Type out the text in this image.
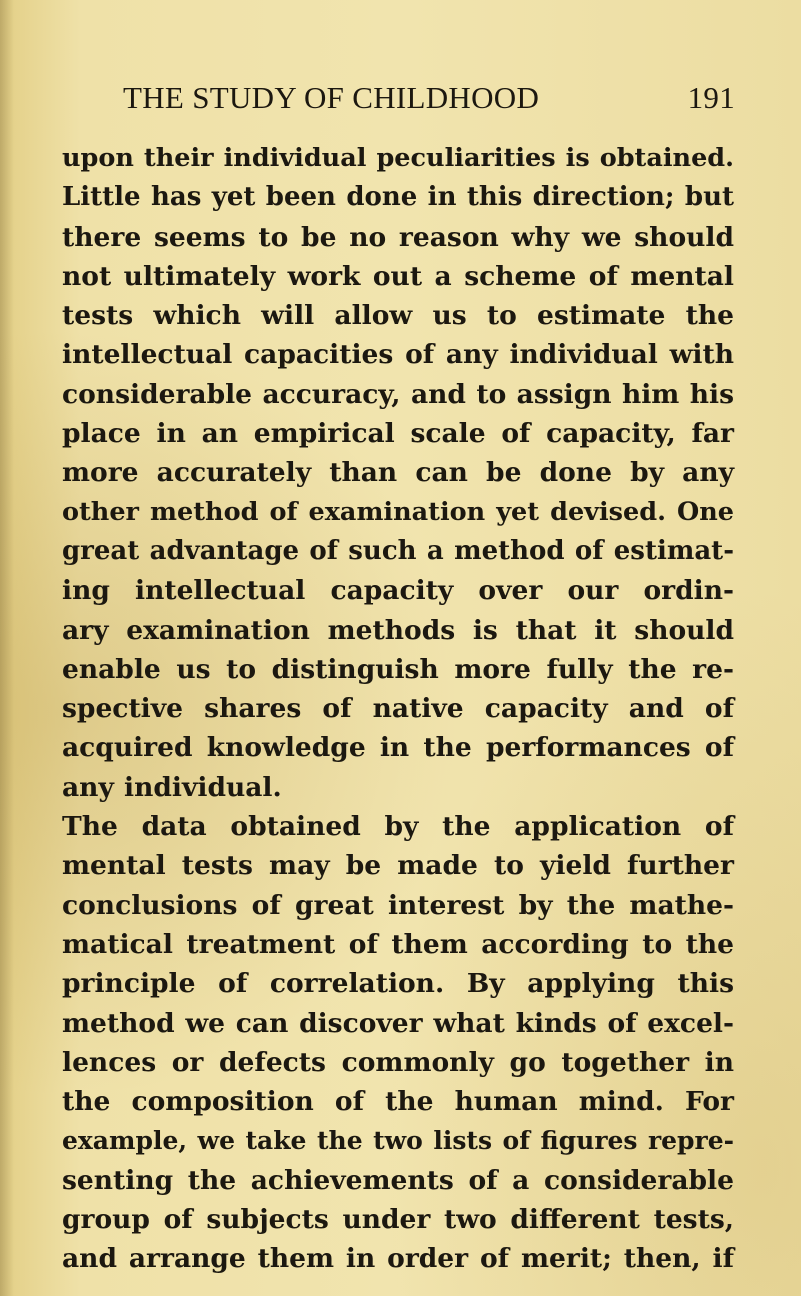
THE STUDY OF CHILDHOOD	191
upon their individual peculiarities is obtained.
Little has yet been done in this direction; but
there seems to be no reason why we should
not ultimately work out a scheme of mental
tests which will allow us to estimate the
intellectual capacities of any individual with
considerable accuracy, and to assign him his
place in an empirical scale of capacity, far
more accurately than can be done by any
other method of examination yet devised. One
great advantage of such a method of estimat-
ing intellectual capacity over our ordin-
ary examination methods is that it should
enable us to distinguish more fully the re-
spective shares of native capacity and of
acquired knowledge in the performances of
any individual.
The data obtained by the application of
mental tests may be made to yield further
conclusions of great interest by the mathe-
matical treatment of them according to the
principle of correlation. By applying this
method we can discover what kinds of excel-
lences or defects commonly go together in
the composition of the human mind. For
example, we take the two lists of figures repre-
senting the achievements of a considerable
group of subjects under two different tests,
and arrange them in order of merit; then, if
